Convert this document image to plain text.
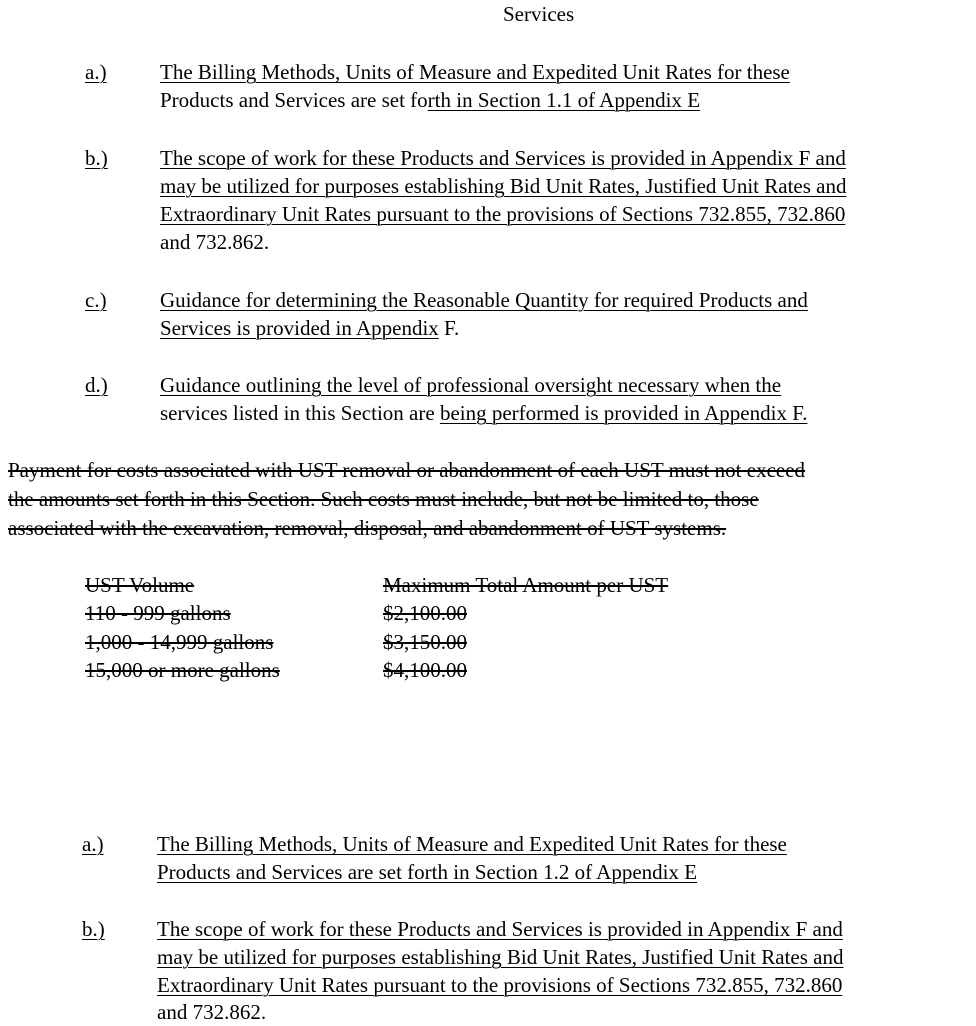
Services
a.)	The Billing Methods, Units of Measure and Expedited Unit Rates for these
Products and Services are set forth in Section 1.1 of Appendix E
b.)	The scope of work for these Products and Services is provided in Appendix F and
may be utilized for purposes establishing Bid Unit Rates, Justified Unit Rates and
Extraordinary Unit Rates pursuant to the provisions of Sections 732.855, 732.860
and 732.862.
c.)	Guidance for determining the Reasonable Quantity for required Products and
Services is provided in Appendix F.
d.)	Guidance outlining the level of professional oversight necessary when the
services listed in this Section are being performed is provided in Appendix F.
Payment for costs associated with UST removal or abandonment of each UST must not exceed
the amounts set forth in this Section. Such costs must include, but not be limited to, those
associated with the excavation, removal, disposal, and abandonment of UST systems.
UST Volume	Maximum Total Amount per UST
110 - 999 gallons	$2,100.00
1,000 - 14,999 gallons	$3,150.00
15,000 or more gallons	$4,100.00
a.)	The Billing Methods, Units of Measure and Expedited Unit Rates for these
Products and Services are set forth in Section 1.2 of Appendix E
b.)	The scope of work for these Products and Services is provided in Appendix F and
may be utilized for purposes establishing Bid Unit Rates, Justified Unit Rates and
Extraordinary Unit Rates pursuant to the provisions of Sections 732.855, 732.860
and 732.862.
